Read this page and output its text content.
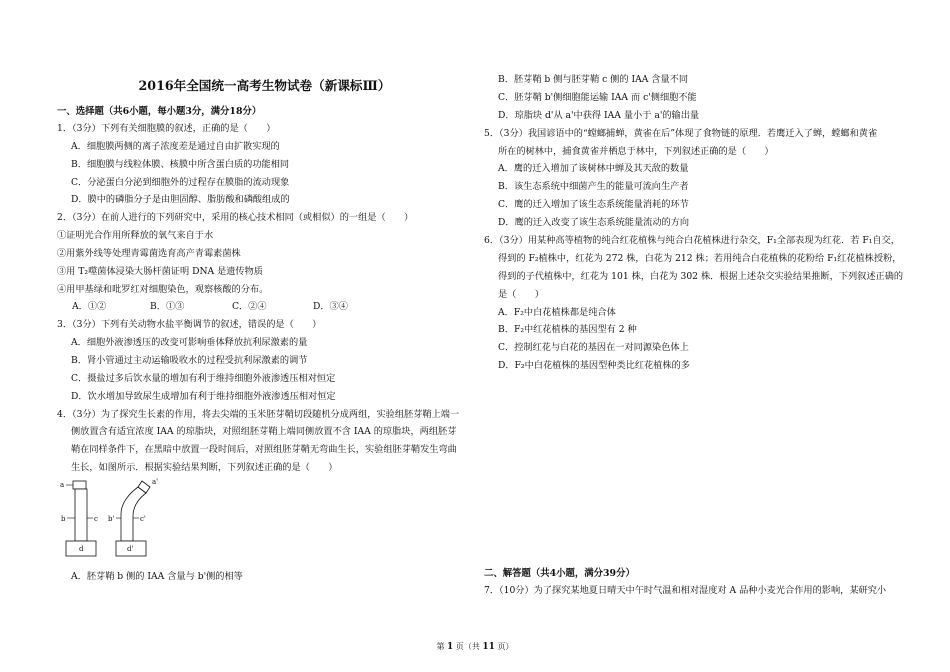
2016年全国统一高考生物试卷（新课标Ⅲ）
一、选择题（共6小题，每小题3分，满分18分）
1．（3分）下列有关细胞膜的叙述，正确的是（　　）
A．细胞膜两侧的离子浓度差是通过自由扩散实现的
B．细胞膜与线粒体膜、核膜中所含蛋白质的功能相同
C．分泌蛋白分泌到细胞外的过程存在膜脂的流动现象
D．膜中的磷脂分子是由胆固醇、脂肪酸和磷酸组成的
2．（3分）在前人进行的下列研究中，采用的核心技术相同（或相似）的一组是（　　）
①证明光合作用所释放的氧气来自于水
②用紫外线等处理青霉菌选育高产青霉素菌株
③用 T₂噬菌体浸染大肠杆菌证明 DNA 是遗传物质
④用甲基绿和吡罗红对细胞染色，观察核酸的分布。
A．①②	B．①③	C．②④	D．③④
3．（3分）下列有关动物水盐平衡调节的叙述，错误的是（　　）
A．细胞外液渗透压的改变可影响垂体释放抗利尿激素的量
B．肾小管通过主动运输吸收水的过程受抗利尿激素的调节
C．摄盐过多后饮水量的增加有利于维持细胞外液渗透压相对恒定
D．饮水增加导致尿生成增加有利于维持细胞外液渗透压相对恒定
4．（3分）为了探究生长素的作用，将去尖端的玉米胚芽鞘切段随机分成两组，实验组胚芽鞘上端一
侧放置含有适宜浓度 IAA 的琼脂块，对照组胚芽鞘上端同侧放置不含 IAA 的琼脂块，两组胚芽
鞘在同样条件下，在黑暗中放置一段时间后，对照组胚芽鞘无弯曲生长，实验组胚芽鞘发生弯曲
生长，如图所示．根据实验结果判断，下列叙述正确的是（　　）
a
b	c
d
a'
b'	c'
d'
A．胚芽鞘 b 侧的 IAA 含量与 b'侧的相等
B．胚芽鞘 b 侧与胚芽鞘 c 侧的 IAA 含量不同
C．胚芽鞘 b'侧细胞能运输 IAA 而 c'侧细胞不能
D．琼脂块 d'从 a'中获得 IAA 量小于 a'的输出量
5．（3分）我国谚语中的“螳螂捕蝉，黄雀在后”体现了食物链的原理．若鹰迁入了蝉，螳螂和黄雀
所在的树林中，捕食黄雀并栖息于林中，下列叙述正确的是（　　）
A．鹰的迁入增加了该树林中蝉及其天敌的数量
B．该生态系统中细菌产生的能量可流向生产者
C．鹰的迁入增加了该生态系统能量消耗的环节
D．鹰的迁入改变了该生态系统能量流动的方向
6．（3分）用某种高等植物的纯合红花植株与纯合白花植株进行杂交，F₁全部表现为红花．若 F₁自交，
得到的 F₂植株中，红花为 272 株，白花为 212 株；若用纯合白花植株的花粉给 F₁红花植株授粉，
得到的子代植株中，红花为 101 株，白花为 302 株．根据上述杂交实验结果推断，下列叙述正确的
是（　　）
A．F₂中白花植株都是纯合体
B．F₂中红花植株的基因型有 2 种
C．控制红花与白花的基因在一对同源染色体上
D．F₂中白花植株的基因型种类比红花植株的多
二、解答题（共4小题，满分39分）
7．（10分）为了探究某地夏日晴天中午时气温和相对湿度对 A 品种小麦光合作用的影响，某研究小
第 1 页（共 11 页）
